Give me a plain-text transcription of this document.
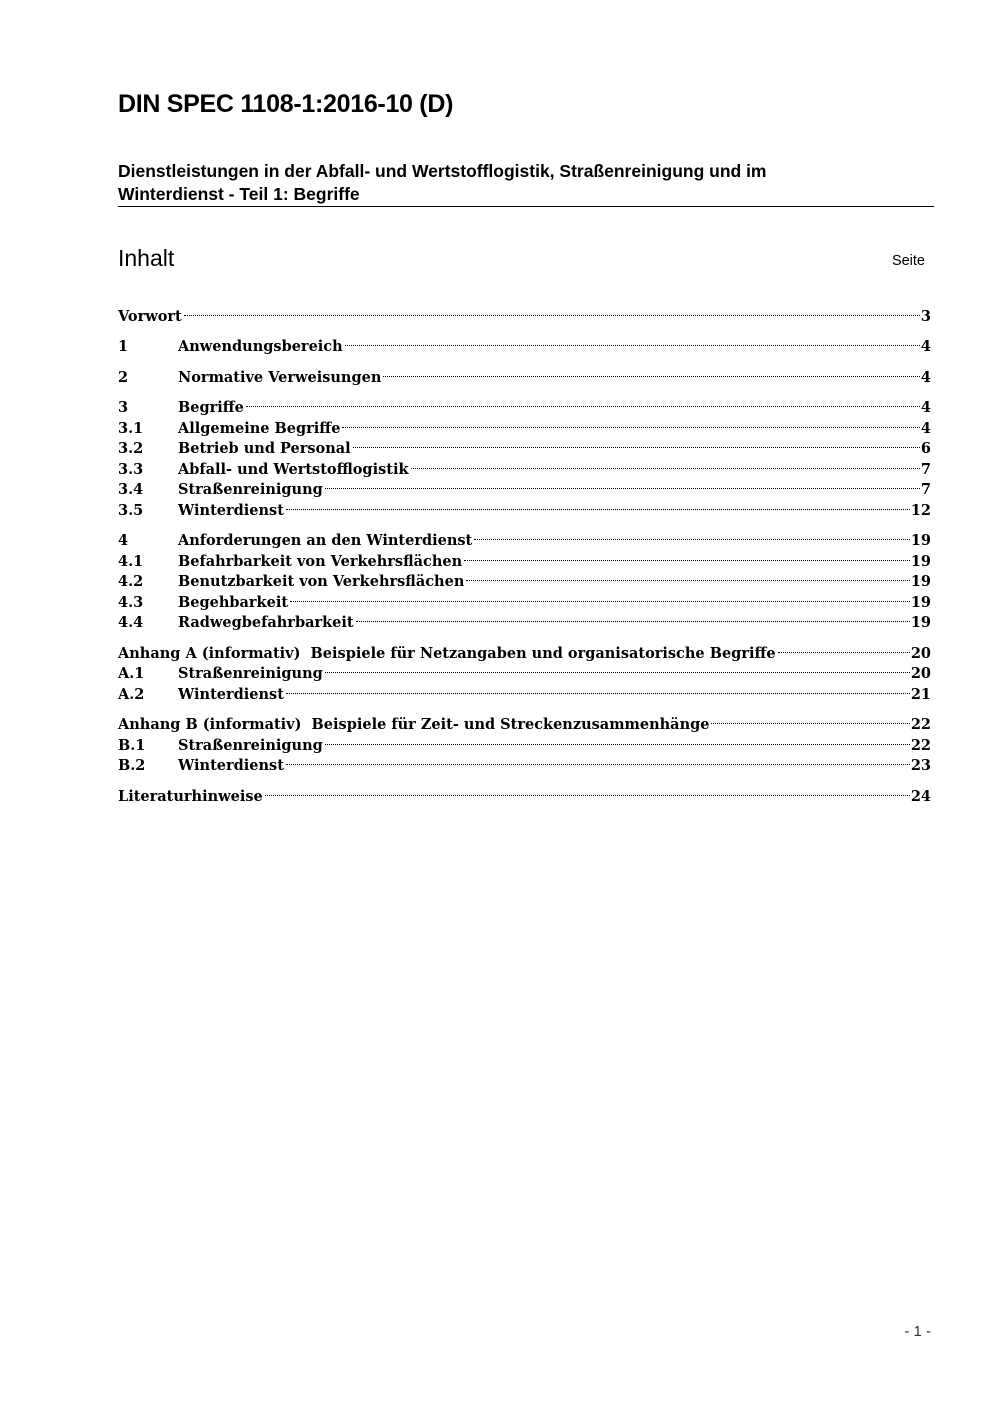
DIN SPEC 1108-1:2016-10 (D)
Dienstleistungen in der Abfall- und Wertstofflogistik, Straßenreinigung und im
Winterdienst - Teil 1: Begriffe
Inhalt	Seite
Vorwort	3
1	Anwendungsbereich	4
2	Normative Verweisungen	4
3	Begriffe	4
3.1	Allgemeine Begriffe	4
3.2	Betrieb und Personal	6
3.3	Abfall- und Wertstofflogistik	7
3.4	Straßenreinigung	7
3.5	Winterdienst	12
4	Anforderungen an den Winterdienst	19
4.1	Befahrbarkeit von Verkehrsflächen	19
4.2	Benutzbarkeit von Verkehrsflächen	19
4.3	Begehbarkeit	19
4.4	Radwegbefahrbarkeit	19
Anhang A (informativ)  Beispiele für Netzangaben und organisatorische Begriffe	20
A.1	Straßenreinigung	20
A.2	Winterdienst	21
Anhang B (informativ)  Beispiele für Zeit- und Streckenzusammenhänge	22
B.1	Straßenreinigung	22
B.2	Winterdienst	23
Literaturhinweise	24
- 1 -
